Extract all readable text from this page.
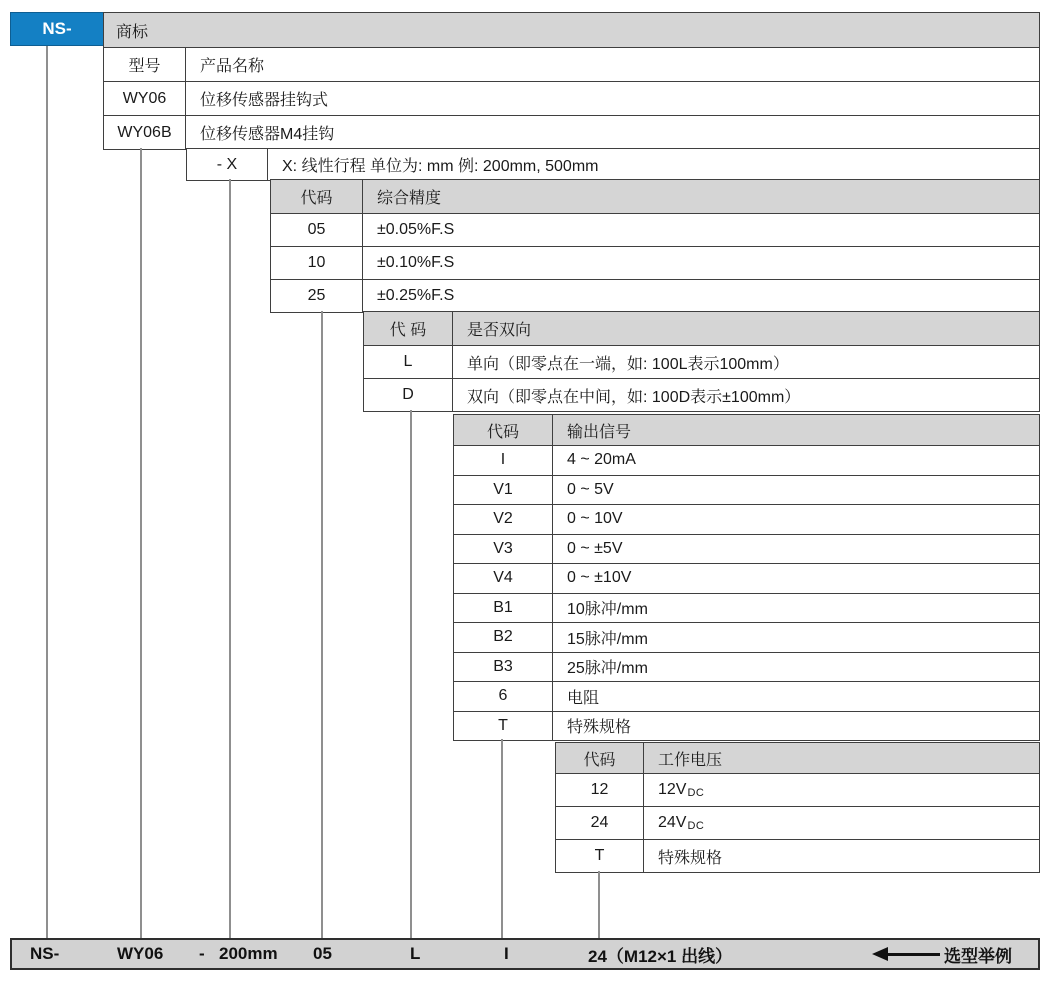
NS-	商标
型号	产品名称
WY06	位移传感器挂钩式
WY06B	位移传感器M4挂钩
- X	X: 线性行程 单位为: mm 例: 200mm, 500mm
代码	综合精度
05	±0.05%F.S
10	±0.10%F.S
25	±0.25%F.S
代 码	是否双向
L	单向（即零点在一端，如: 100L表示100mm）
D	双向（即零点在中间，如: 100D表示±100mm）
代码	输出信号
I	4 ~ 20mA
V1	0 ~ 5V
V2	0 ~ 10V
V3	0 ~ ±5V
V4	0 ~ ±10V
B1	10脉冲/mm
B2	15脉冲/mm
B3	25脉冲/mm
6	电阻
T	特殊规格
代码	工作电压
12	12V DC
24	24V DC
T	特殊规格
NS-	WY06 - 200mm 05	L	I	24（M12×1 出线）	选型举例
